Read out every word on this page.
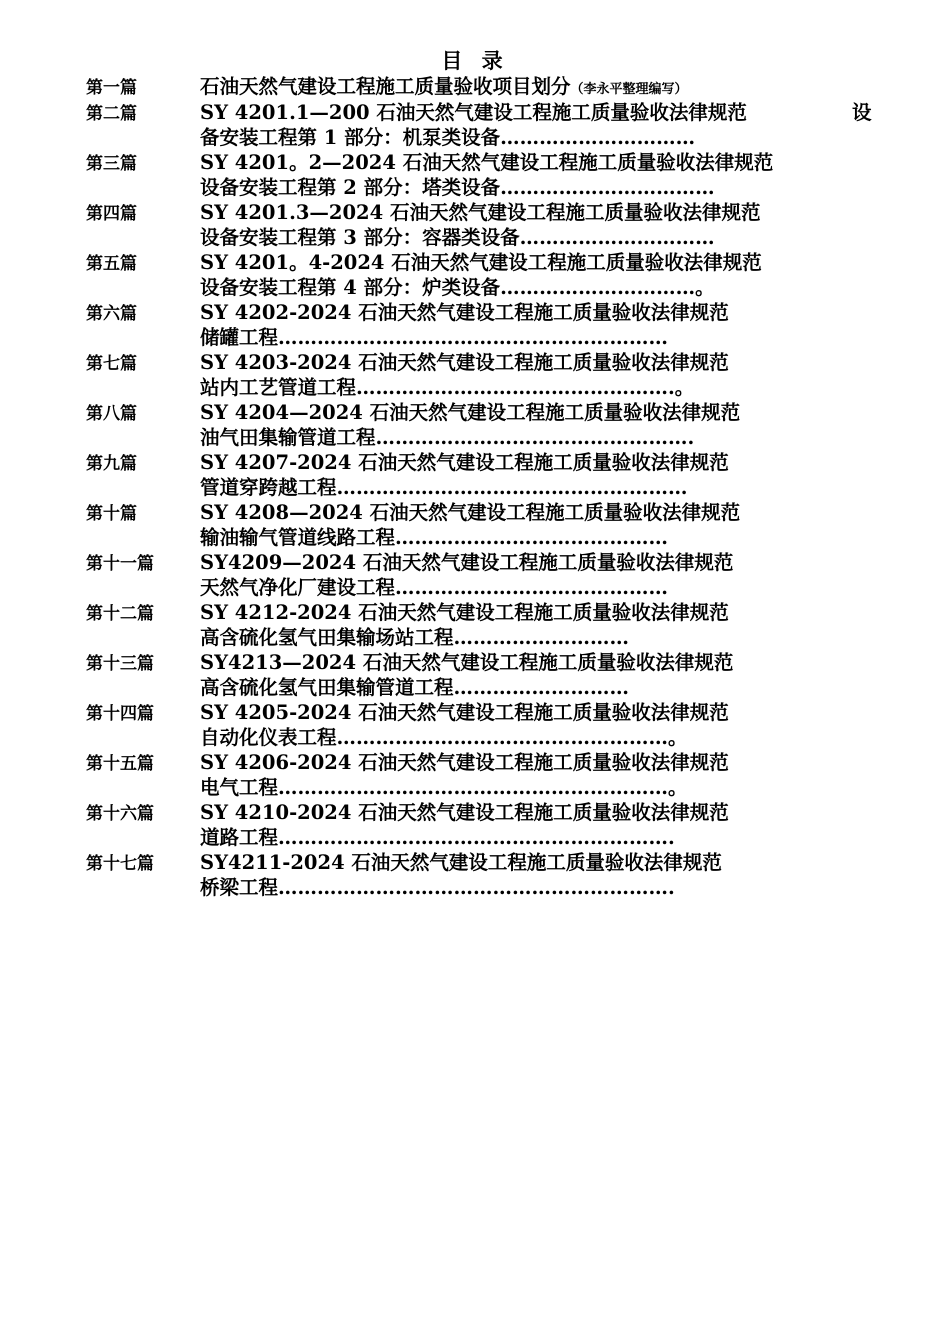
目 录
第一篇	石油天然气建设工程施工质量验收项目划分（李永平整理编写）
第二篇	SY 4201.1—200 石油天然气建设工程施工质量验收法律规范	设
备安装工程第 1 部分：机泵类设备…………………………
第三篇	SY 4201。2—2024 石油天然气建设工程施工质量验收法律规范
设备安装工程第 2 部分：塔类设备……………………………
第四篇	SY 4201.3—2024 石油天然气建设工程施工质量验收法律规范
设备安装工程第 3 部分：容器类设备…………………………
第五篇	SY 4201。4-2024 石油天然气建设工程施工质量验收法律规范
设备安装工程第 4 部分：炉类设备…………………………。
第六篇	SY 4202-2024 石油天然气建设工程施工质量验收法律规范
储罐工程……………………………………………………
第七篇	SY 4203-2024 石油天然气建设工程施工质量验收法律规范
站内工艺管道工程………………………………………….。
第八篇	SY 4204—2024 石油天然气建设工程施工质量验收法律规范
油气田集输管道工程………………………………………….
第九篇	SY 4207-2024 石油天然气建设工程施工质量验收法律规范
管道穿跨越工程………………………………………………
第十篇	SY 4208—2024 石油天然气建设工程施工质量验收法律规范
输油输气管道线路工程……………………………………
第十一篇 SY4209—2024 石油天然气建设工程施工质量验收法律规范
天然气净化厂建设工程……………………………………
第十二篇 SY 4212-2024 石油天然气建设工程施工质量验收法律规范
高含硫化氢气田集输场站工程………………………
第十三篇 SY4213—2024 石油天然气建设工程施工质量验收法律规范
高含硫化氢气田集输管道工程………………………
第十四篇 SY 4205-2024 石油天然气建设工程施工质量验收法律规范
自动化仪表工程……………………………………………。
第十五篇 SY 4206-2024 石油天然气建设工程施工质量验收法律规范
电气工程……………………………………………………。
第十六篇 SY 4210-2024 石油天然气建设工程施工质量验收法律规范
道路工程…………………………………………………….
第十七篇 SY4211-2024 石油天然气建设工程施工质量验收法律规范
桥梁工程…………………………………………………….
